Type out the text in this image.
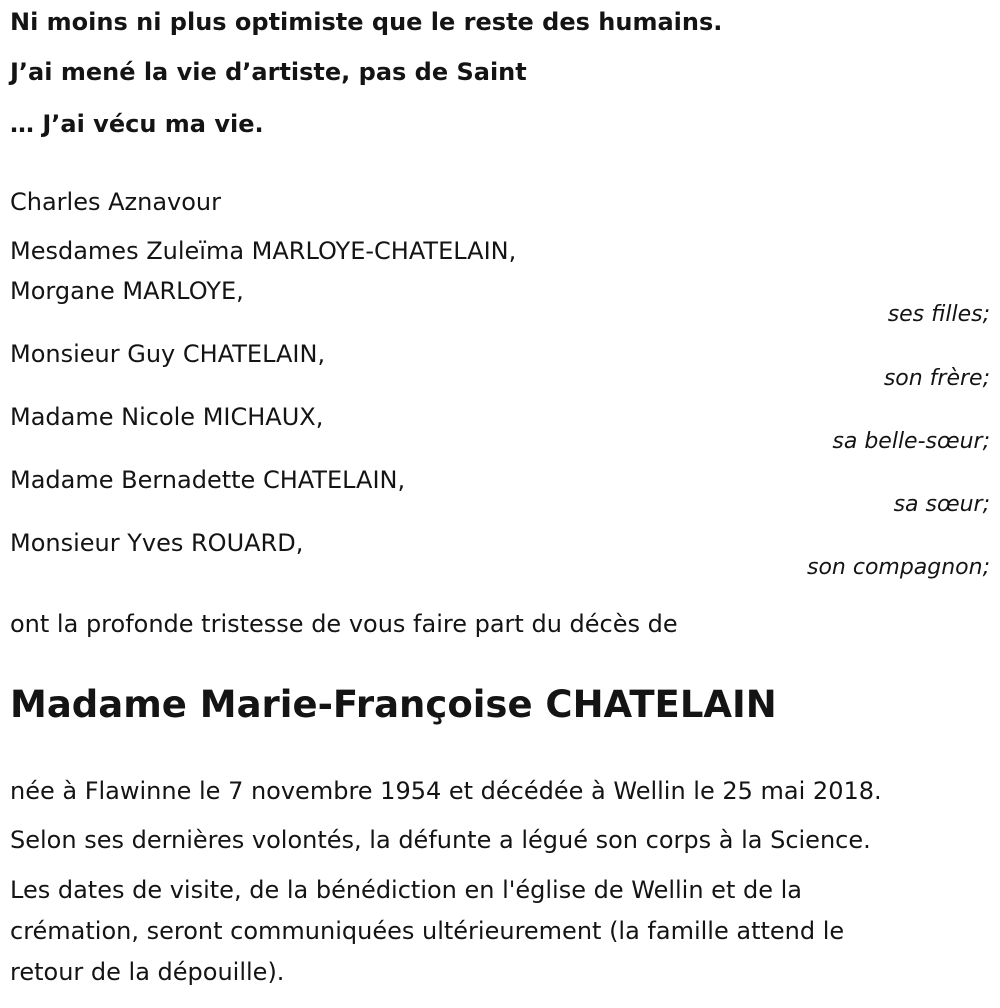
Ni moins ni plus optimiste que le reste des humains.
J’ai mené la vie d’artiste, pas de Saint
… J’ai vécu ma vie.
Charles Aznavour
Mesdames Zuleïma MARLOYE-CHATELAIN,
Morgane MARLOYE,
ses filles;
Monsieur Guy CHATELAIN,
son frère;
Madame Nicole MICHAUX,
sa belle-sœur;
Madame Bernadette CHATELAIN,
sa sœur;
Monsieur Yves ROUARD,
son compagnon;
ont la profonde tristesse de vous faire part du décès de
Madame Marie-Françoise CHATELAIN
née à Flawinne le 7 novembre 1954 et décédée à Wellin le 25 mai 2018.
Selon ses dernières volontés, la défunte a légué son corps à la Science.
Les dates de visite, de la bénédiction en l'église de Wellin et de la
crémation, seront communiquées ultérieurement (la famille attend le
retour de la dépouille).
